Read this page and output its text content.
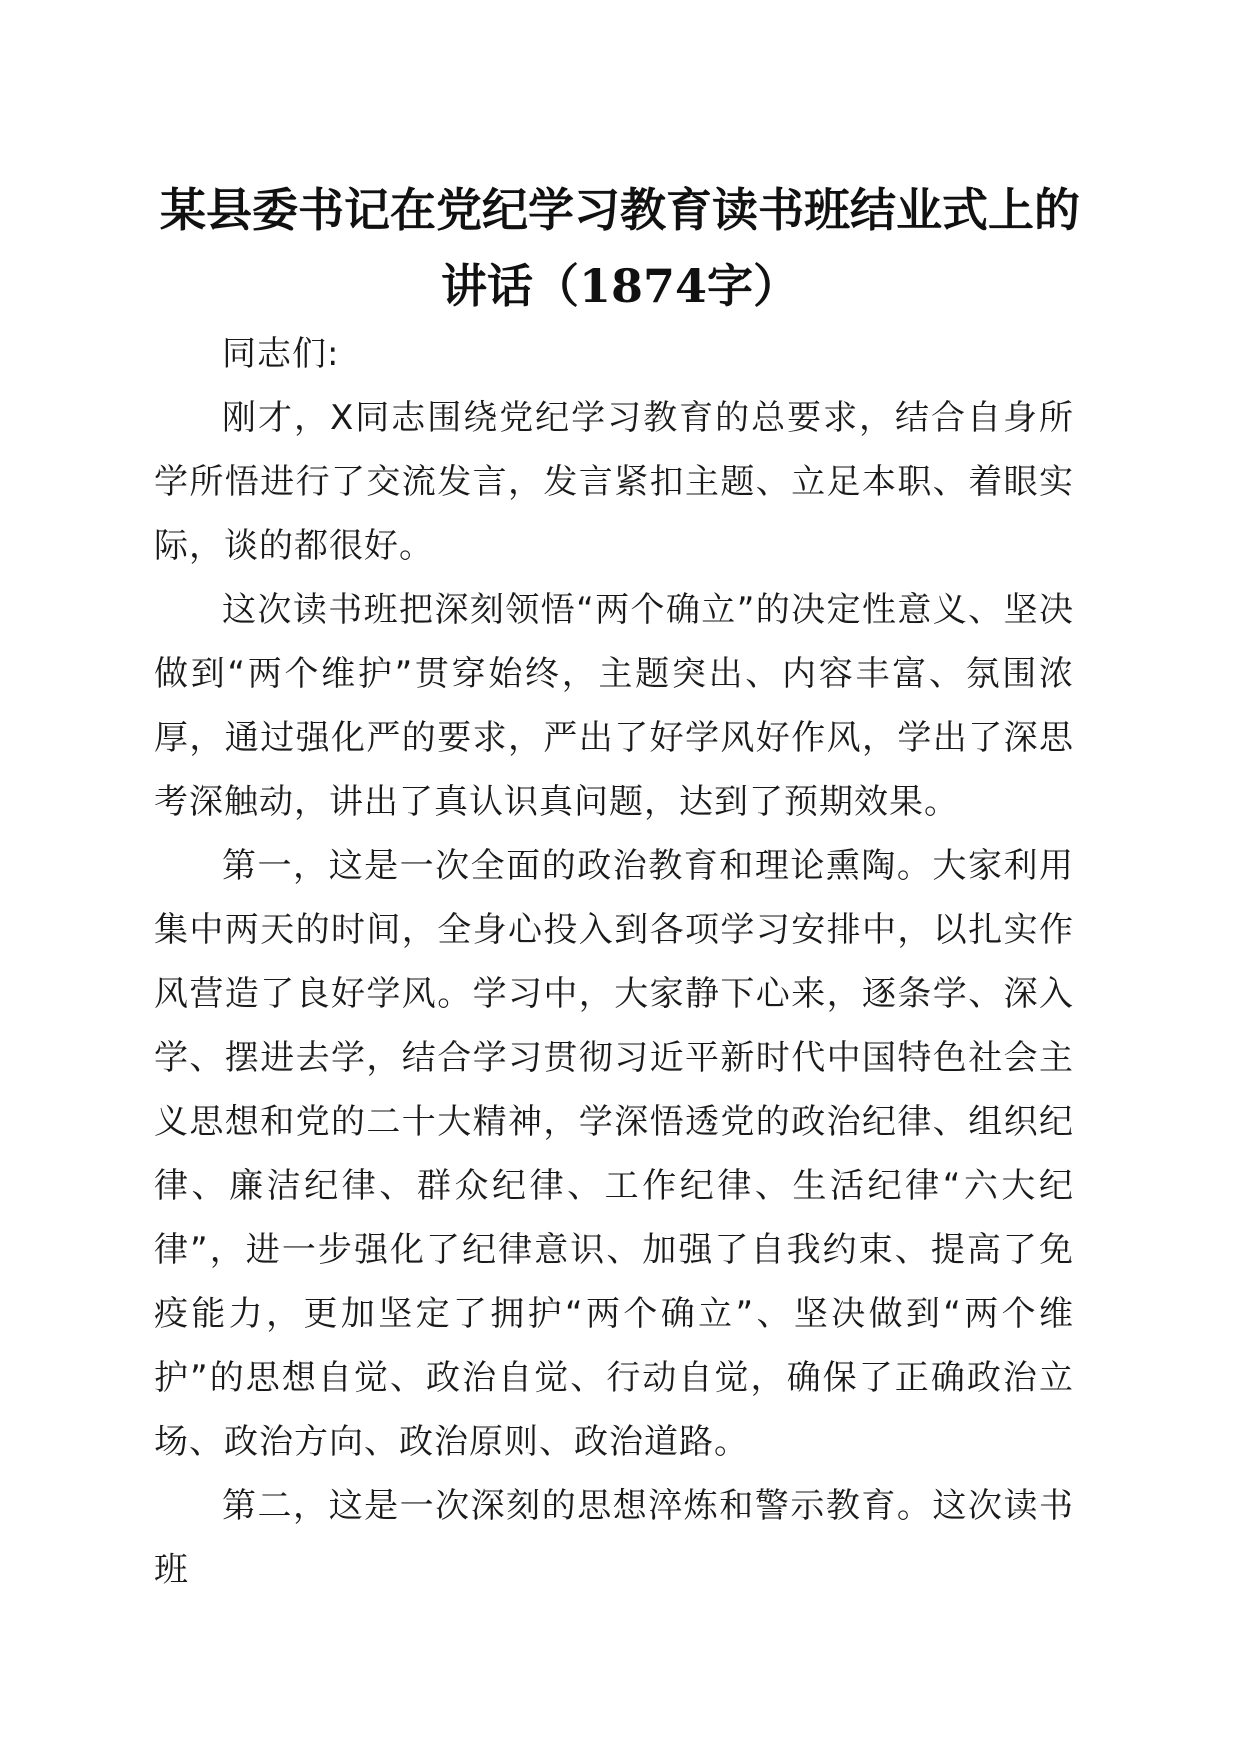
某县委书记在党纪学习教育读书班结业式上的
讲话（1874字）

同志们:

刚才，X同志围绕党纪学习教育的总要求，结合自身所学所悟进行了交流发言，发言紧扣主题、立足本职、着眼实际，谈的都很好。

这次读书班把深刻领悟“两个确立”的决定性意义、坚决做到“两个维护”贯穿始终，主题突出、内容丰富、氛围浓厚，通过强化严的要求，严出了好学风好作风，学出了深思考深触动，讲出了真认识真问题，达到了预期效果。

第一，这是一次全面的政治教育和理论熏陶。大家利用集中两天的时间，全身心投入到各项学习安排中，以扎实作风营造了良好学风。学习中，大家静下心来，逐条学、深入学、摆进去学，结合学习贯彻习近平新时代中国特色社会主义思想和党的二十大精神，学深悟透党的政治纪律、组织纪律、廉洁纪律、群众纪律、工作纪律、生活纪律“六大纪律”，进一步强化了纪律意识、加强了自我约束、提高了免疫能力，更加坚定了拥护“两个确立”、坚决做到“两个维护”的思想自觉、政治自觉、行动自觉，确保了正确政治立场、政治方向、政治原则、政治道路。

第二，这是一次深刻的思想淬炼和警示教育。这次读书班
